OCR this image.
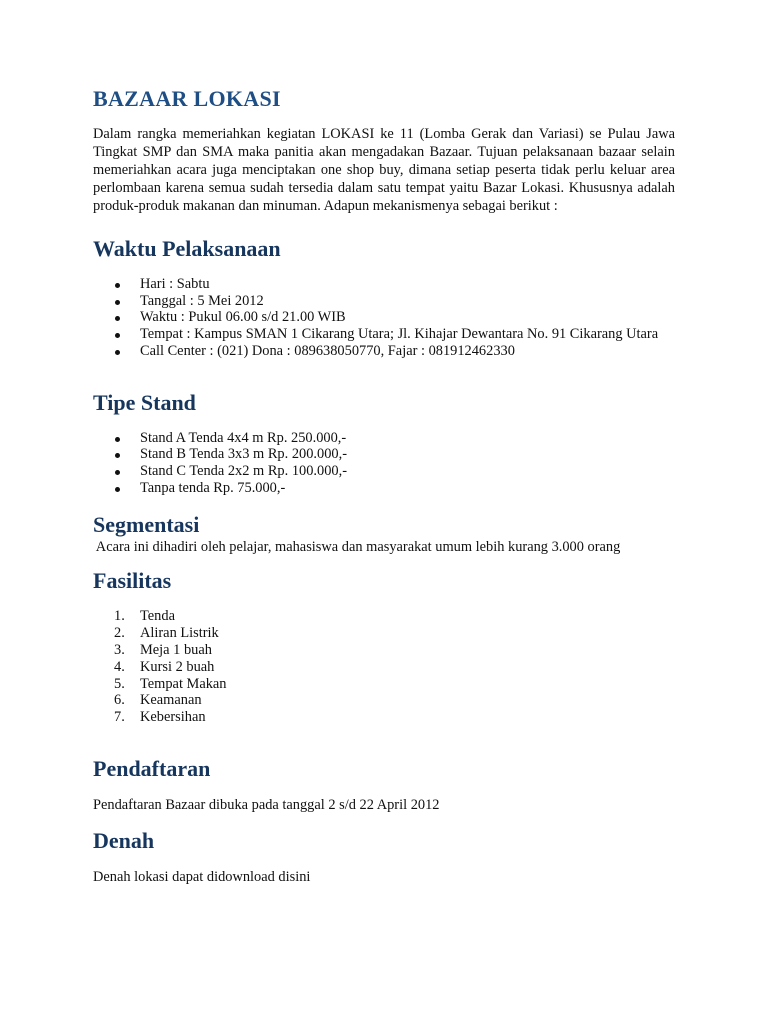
BAZAAR LOKASI

Dalam rangka memeriahkan kegiatan LOKASI ke 11 (Lomba Gerak dan Variasi) se Pulau Jawa Tingkat SMP dan SMA maka panitia akan mengadakan Bazaar. Tujuan pelaksanaan bazaar selain memeriahkan acara juga menciptakan one shop buy, dimana setiap peserta tidak perlu keluar area perlombaan karena semua sudah tersedia dalam satu tempat yaitu Bazar Lokasi. Khususnya adalah produk-produk makanan dan minuman. Adapun mekanismenya sebagai berikut :

Waktu Pelaksanaan
Hari : Sabtu
Tanggal : 5 Mei 2012
Waktu : Pukul 06.00 s/d 21.00 WIB
Tempat : Kampus SMAN 1 Cikarang Utara; Jl. Kihajar Dewantara No. 91 Cikarang Utara
Call Center : (021) Dona : 089638050770, Fajar : 081912462330
Tipe Stand
Stand A Tenda 4x4 m Rp. 250.000,-
Stand B Tenda 3x3 m Rp. 200.000,-
Stand C Tenda 2x2 m Rp. 100.000,-
Tanpa tenda Rp. 75.000,-
Segmentasi

Acara ini dihadiri oleh pelajar, mahasiswa dan masyarakat umum lebih kurang 3.000 orang

Fasilitas
1. Tenda
2. Aliran Listrik
3. Meja 1 buah
4. Kursi 2 buah
5. Tempat Makan
6. Keamanan
7. Kebersihan
Pendaftaran

Pendaftaran Bazaar dibuka pada tanggal 2 s/d 22 April 2012

Denah

Denah lokasi dapat didownload disini
